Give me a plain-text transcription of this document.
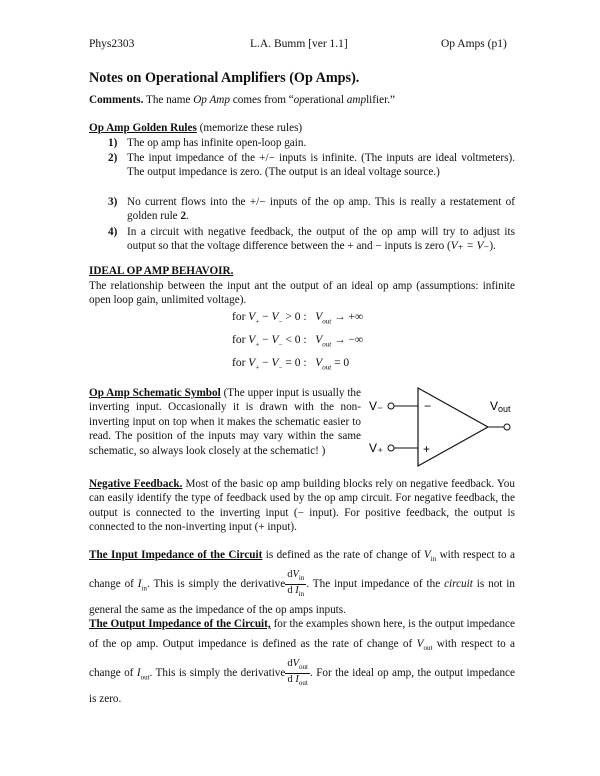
Phys2303	L.A. Bumm [ver 1.1]	Op Amps (p1)
Notes on Operational Amplifiers (Op Amps).
Comments. The name Op Amp comes from “operational amplifier.”
Op Amp Golden Rules (memorize these rules)
1) The op amp has infinite open-loop gain.
2) The input impedance of the +/− inputs is infinite. (The inputs are ideal voltmeters). The output impedance is zero. (The output is an ideal voltage source.)
3) No current flows into the +/− inputs of the op amp. This is really a restatement of golden rule 2.
4) In a circuit with negative feedback, the output of the op amp will try to adjust its output so that the voltage difference between the + and − inputs is zero (V₊ = V₋).
IDEAL OP AMP BEHAVOIR.
The relationship between the input ant the output of an ideal op amp (assumptions: infinite open loop gain, unlimited voltage).
for $V_+ - V_- > 0$ : $V_{out}$ → +∞
for $V_+ - V_- < 0$ : $V_{out}$ → −∞
for $V_+ - V_- = 0$ : $V_{out} = 0$
Op Amp Schematic Symbol (The upper input is usually the inverting input. Occasionally it is drawn with the non-inverting input on top when it makes the schematic easier to read. The position of the inputs may vary within the same schematic, so always look closely at the schematic! )
V₋
V₊
Vout
−
+
Negative Feedback. Most of the basic op amp building blocks rely on negative feedback. You can easily identify the type of feedback used by the op amp circuit. For negative feedback, the output is connected to the inverting input (− input). For positive feedback, the output is connected to the non-inverting input (+ input).
The Input Impedance of the Circuit is defined as the rate of change of $V_{in}$ with respect to a change of $I_{in}$. This is simply the derivative $\frac{dV_{in}}{d I_{in}}$ . The input impedance of the circuit is not in general the same as the impedance of the op amps inputs.
The Output Impedance of the Circuit, for the examples shown here, is the output impedance of the op amp. Output impedance is defined as the rate of change of $V_{out}$ with respect to a change of $I_{out}$. This is simply the derivative $\frac{dV_{out}}{d I_{out}}$ . For the ideal op amp, the output impedance is zero.
